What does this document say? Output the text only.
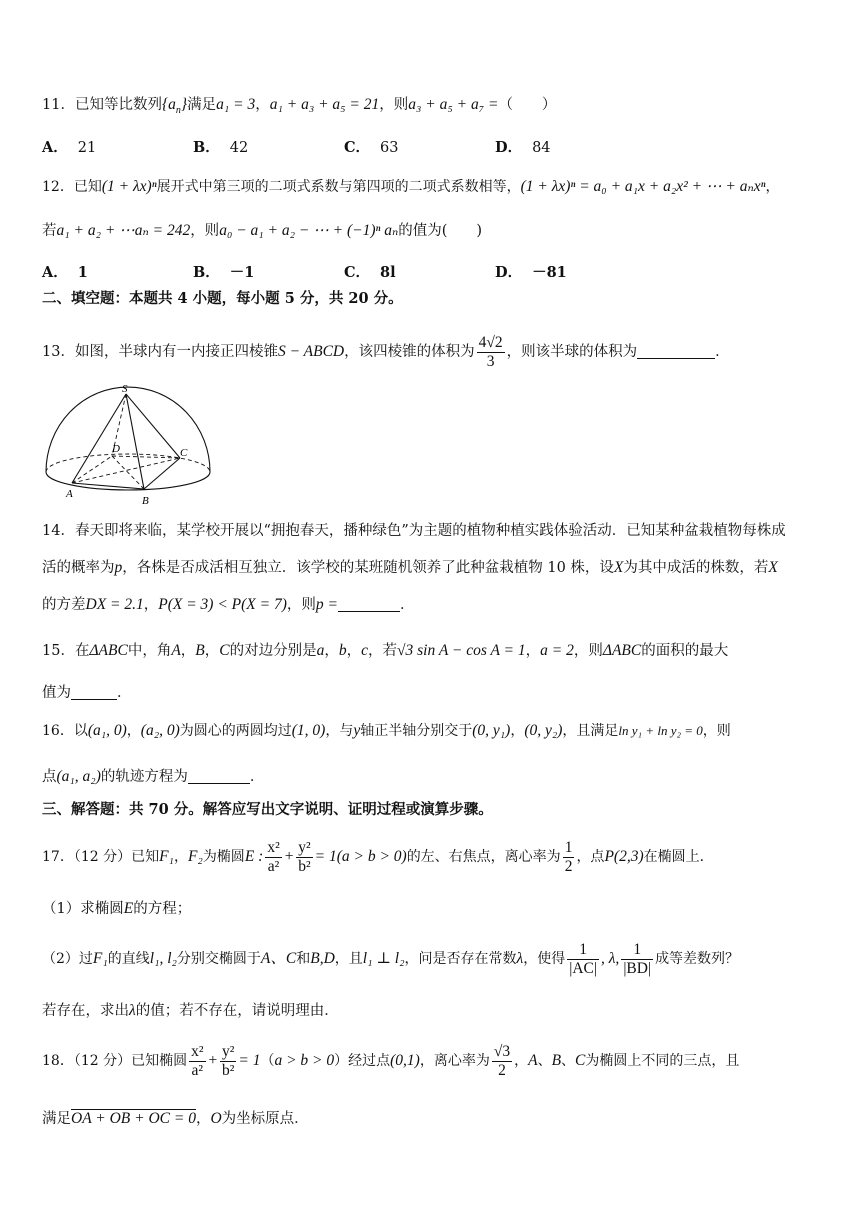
11．已知等比数列$\{a_n\}$满足a₁ = 3，a₁ + a₃ + a₅ = 21，则a₃ + a₅ + a₇ =（　　）
A． 21	B． 42	C． 63	D． 84
12．已知(1 + λx)ⁿ展开式中第三项的二项式系数与第四项的二项式系数相等，(1 + λx)ⁿ = a₀ + a₁x + a₂x² + ⋯ + aₙxⁿ，
若a₁ + a₂ + ⋯aₙ = 242，则a₀ − a₁ + a₂ − ⋯ + (−1)ⁿ aₙ的值为(　　)
A． 1	B． －1	C． 8l	D． －81
二、填空题：本题共 4 小题，每小题 5 分，共 20 分。
13．如图，半球内有一内接正四棱锥S − ABCD，该四棱锥的体积为 $\frac{4√2}{3}$ ，则该半球的体积为	．
S
D	C
A
B
14．春天即将来临，某学校开展以“拥抱春天，播种绿色”为主题的植物种植实践体验活动．已知某种盆栽植物每株成
活的概率为p，各株是否成活相互独立．该学校的某班随机领养了此种盆栽植物 10 株，设X为其中成活的株数，若X
的方差DX = 2.1，P(X = 3) < P(X = 7)，则p =	．
15．在ΔABC中，角A，B，C的对边分别是a，b，c，若√3 sin A − cos A = 1，a = 2，则ΔABC的面积的最大
值为	．
16．以(a₁, 0)，(a₂, 0)为圆心的两圆均过(1, 0)，与y轴正半轴分别交于(0, y₁)，(0, y₂)，且满足ln y₁ + ln y₂ = 0，则
点(a₁, a₂)的轨迹方程为	．
三、解答题：共 70 分。解答应写出文字说明、证明过程或演算步骤。
17．（12 分）已知F₁，F₂为椭圆E : $\frac{\text{x²}}{\text{a²}} + \frac{\text{y²}}{\text{b²}} = 1(a > b > 0)$的左、右焦点，离心率为 $\frac{1}{2}$ ，点P(2,3)在椭圆上．
（1）求椭圆E的方程；
（2）过F₁的直线l₁, l₂分别交椭圆于A、C和B,D，且l₁ ⊥ l₂，问是否存在常数λ，使得 $\frac{1}{|AC|}$ , λ, $\frac{1}{|BD|}$ 成等差数列？
若存在，求出λ的值；若不存在，请说明理由．
18．（12 分）已知椭圆 $\frac{\text{x²}}{\text{a²}} + \frac{\text{y²}}{\text{b²}} = 1(a > b > 0)$经过点(0,1)，离心率为 $\frac{√3}{2}$ ，A、B、C为椭圆上不同的三点，且
满足OA + OB + OC = 0，O为坐标原点．
